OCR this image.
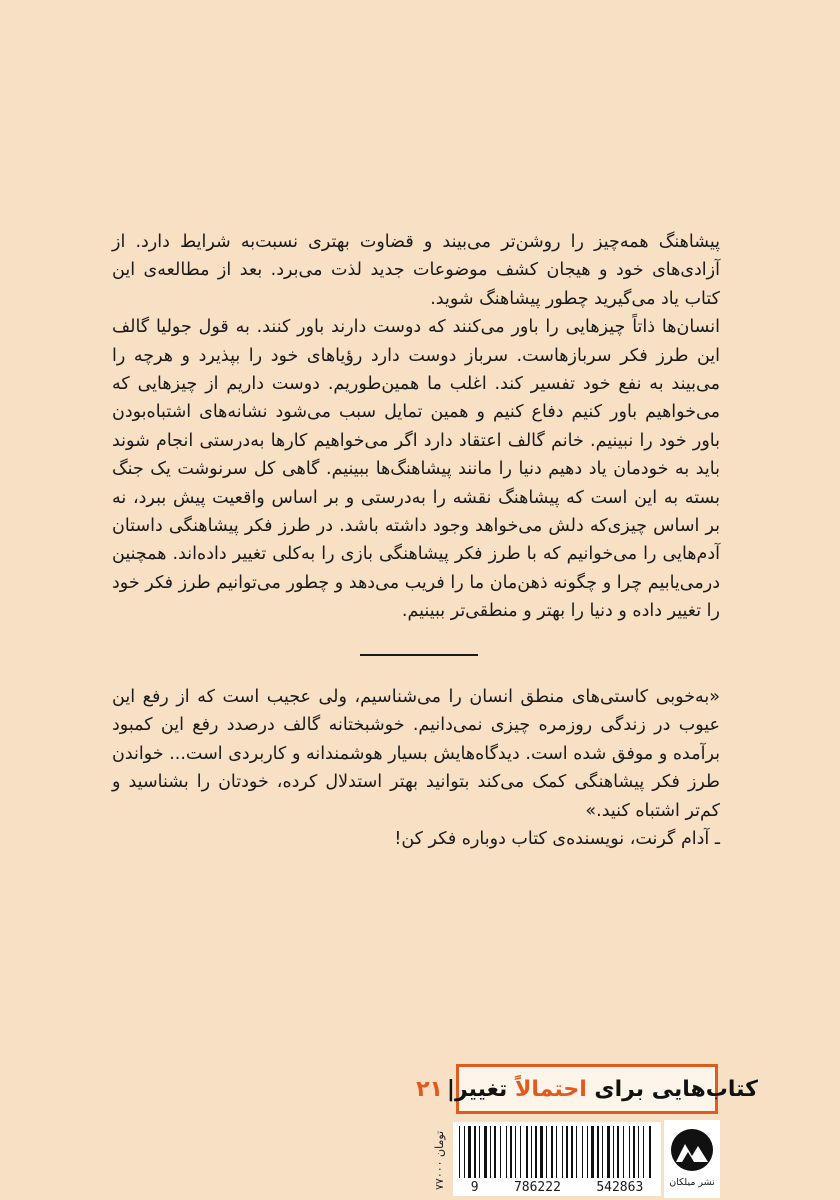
پیشاهنگ همه‌چیز را روشن‌تر می‌بیند و قضاوت بهتری نسبت‌به شرایط دارد. از آزادی‌های خود و هیجان کشف موضوعات جدید لذت می‌برد. بعد از مطالعه‌ی این کتاب یاد می‌گیرید چطور پیشاهنگ شوید.

انسان‌ها ذاتاً چیزهایی را باور می‌کنند که دوست دارند باور کنند. به قول جولیا گالف این طرز فکر سربازهاست. سرباز دوست دارد رؤیاهای خود را بپذیرد و هرچه را می‌بیند به نفع خود تفسیر کند. اغلب ما همین‌طوریم. دوست داریم از چیزهایی که می‌خواهیم باور کنیم دفاع کنیم و همین تمایل سبب می‌شود نشانه‌های اشتباه‌بودن باور خود را نبینیم. خانم گالف اعتقاد دارد اگر می‌خواهیم کارها به‌درستی انجام شوند باید به خودمان یاد دهیم دنیا را مانند پیشاهنگ‌ها ببینیم. گاهی کل سرنوشت یک جنگ بسته به این است که پیشاهنگ نقشه را به‌درستی و بر اساس واقعیت پیش ببرد، نه بر اساس چیزی‌که دلش می‌خواهد وجود داشته باشد. در طرز فکر پیشاهنگی داستان آدم‌هایی را می‌خوانیم که با طرز فکر پیشاهنگی بازی را به‌کلی تغییر داده‌اند. همچنین درمی‌یابیم چرا و چگونه ذهن‌مان ما را فریب می‌دهد و چطور می‌توانیم طرز فکر خود را تغییر داده و دنیا را بهتر و منطقی‌تر ببینیم.

«به‌خوبی کاستی‌های منطق انسان را می‌شناسیم، ولی عجیب است که از رفع این عیوب در زندگی روزمره چیزی نمی‌دانیم. خوشبختانه گالف درصدد رفع این کمبود برآمده و موفق شده است. دیدگاه‌هایش بسیار هوشمندانه و کاربردی است... خواندن طرز فکر پیشاهنگی کمک می‌کند بتوانید بهتر استدلال کرده، خودتان را بشناسید و کم‌تر اشتباه کنید.»

ـ آدام گرنت، نویسنده‌ی کتاب دوباره فکر کن!

کتاب‌هایی برای

احتمالاً

تغییر
|
۲۱
9	786222	542863
۷۷۰۰۰ تومان
نشر میلکان
